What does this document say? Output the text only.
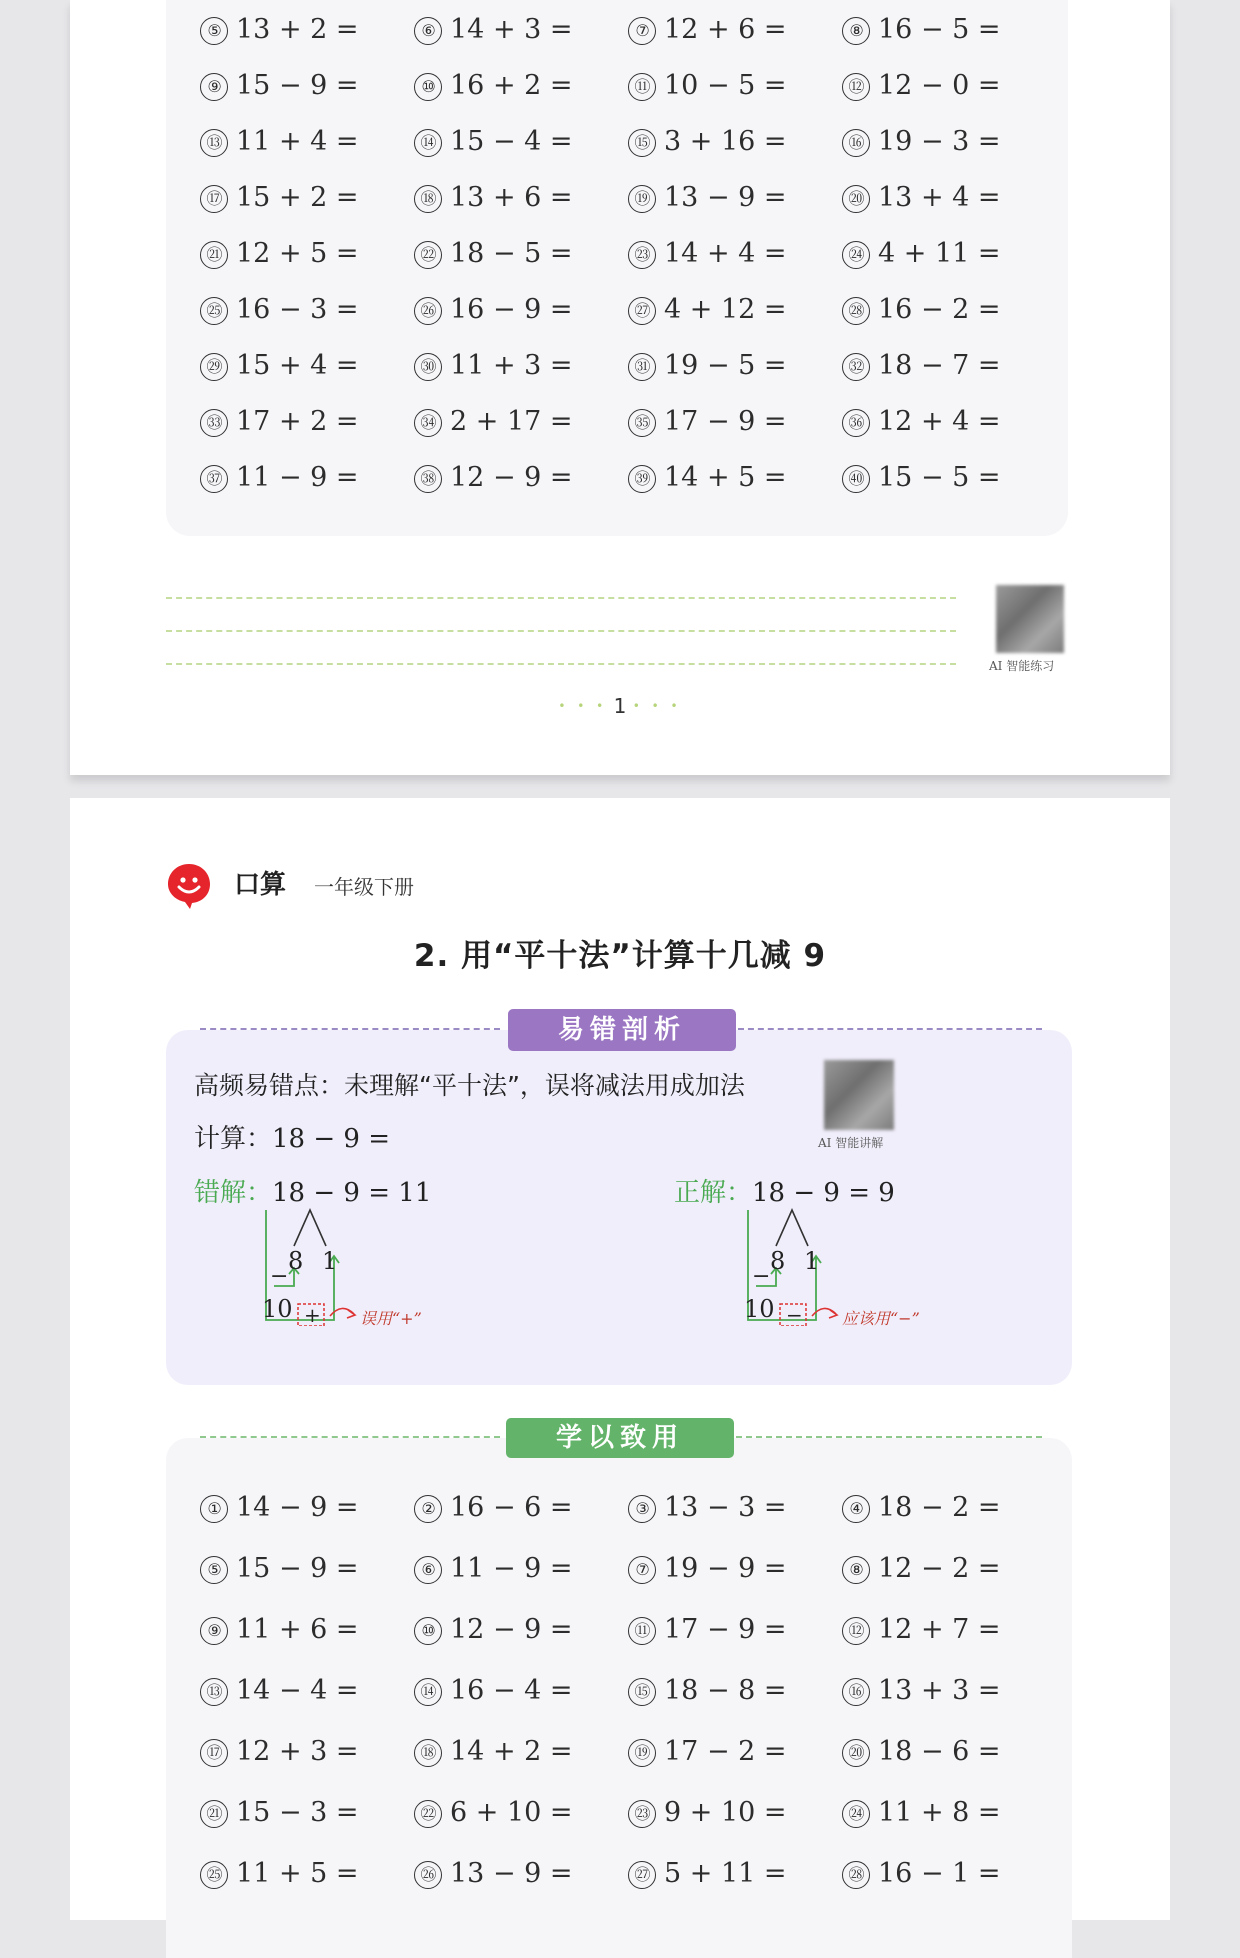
⑤ 13 + 2 =	⑥ 14 + 3 =	⑦ 12 + 6 =	⑧ 16 − 5 =
⑨ 15 − 9 =	⑩ 16 + 2 =	⑪ 10 − 5 =	⑫ 12 − 0 =
⑬ 11 + 4 =	⑭ 15 − 4 =	⑮ 3 + 16 =	⑯ 19 − 3 =
⑰ 15 + 2 =	⑱ 13 + 6 =	⑲ 13 − 9 =	⑳ 13 + 4 =
㉑ 12 + 5 =	㉒ 18 − 5 =	㉓ 14 + 4 =	㉔ 4 + 11 =
㉕ 16 − 3 =	㉖ 16 − 9 =	㉗ 4 + 12 =	㉘ 16 − 2 =
㉙ 15 + 4 =	㉚ 11 + 3 =	㉛ 19 − 5 =	㉜ 18 − 7 =
㉝ 17 + 2 =	㉞ 2 + 17 =	㉟ 17 − 9 =	㊱ 12 + 4 =
㊲ 11 − 9 =	㊳ 12 − 9 =	㊴ 14 + 5 =	㊵ 15 − 5 =
AI 智能练习
• • • 1 • • •
口算 一年级下册
2. 用“平十法”计算十几减 9
高频易错点：未理解“平十法”，误将减法用成加法
计算：18 − 9 =	AI 智能讲解
错解：18 − 9 = 11
8 1
−
10 + 误用“+”
正解：18 − 9 = 9
8 1
−
10 − 应该用“−”
易错剖析
学以致用
① 14 − 9 =	② 16 − 6 =	③ 13 − 3 =	④ 18 − 2 =
⑤ 15 − 9 =	⑥ 11 − 9 =	⑦ 19 − 9 =	⑧ 12 − 2 =
⑨ 11 + 6 =	⑩ 12 − 9 =	⑪ 17 − 9 =	⑫ 12 + 7 =
⑬ 14 − 4 =	⑭ 16 − 4 =	⑮ 18 − 8 =	⑯ 13 + 3 =
⑰ 12 + 3 =	⑱ 14 + 2 =	⑲ 17 − 2 =	⑳ 18 − 6 =
㉑ 15 − 3 =	㉒ 6 + 10 =	㉓ 9 + 10 =	㉔ 11 + 8 =
㉕ 11 + 5 =	㉖ 13 − 9 =	㉗ 5 + 11 =	㉘ 16 − 1 =
